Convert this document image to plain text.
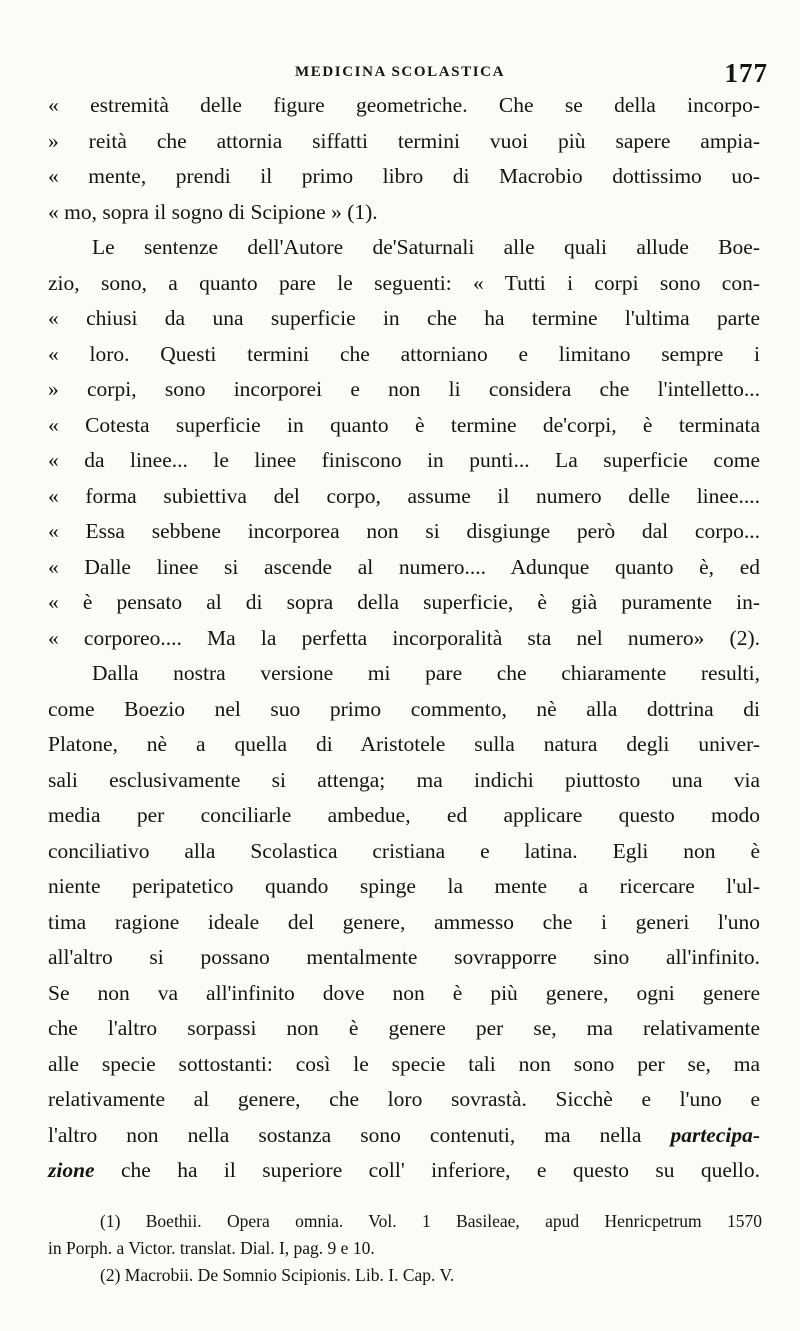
MEDICINA SCOLASTICA	177
« estremità delle figure geometriche. Che se della incorpo-
» reità che attornia siffatti termini vuoi più sapere ampia-
« mente, prendi il primo libro di Macrobio dottissimo uo-
« mo, sopra il sogno di Scipione » (1).
Le sentenze dell'Autore de'Saturnali alle quali allude Boe-
zio, sono, a quanto pare le seguenti: « Tutti i corpi sono con-
« chiusi da una superficie in che ha termine l'ultima parte
« loro. Questi termini che attorniano e limitano sempre i
» corpi, sono incorporei e non li considera che l'intelletto...
« Cotesta superficie in quanto è termine de'corpi, è terminata
« da linee... le linee finiscono in punti... La superficie come
« forma subiettiva del corpo, assume il numero delle linee....
« Essa sebbene incorporea non si disgiunge però dal corpo...
« Dalle linee si ascende al numero.... Adunque quanto è, ed
« è pensato al di sopra della superficie, è già puramente in-
« corporeo.... Ma la perfetta incorporalità sta nel numero» (2).
Dalla nostra versione mi pare che chiaramente resulti,
come Boezio nel suo primo commento, nè alla dottrina di
Platone, nè a quella di Aristotele sulla natura degli univer-
sali esclusivamente si attenga; ma indichi piuttosto una via
media per conciliarle ambedue, ed applicare questo modo
conciliativo alla Scolastica cristiana e latina. Egli non è
niente peripatetico quando spinge la mente a ricercare l'ul-
tima ragione ideale del genere, ammesso che i generi l'uno
all'altro si possano mentalmente sovrapporre sino all'infinito.
Se non va all'infinito dove non è più genere, ogni genere
che l'altro sorpassi non è genere per se, ma relativamente
alle specie sottostanti: così le specie tali non sono per se, ma
relativamente al genere, che loro sovrastà. Sicchè e l'uno e
l'altro non nella sostanza sono contenuti, ma nella partecipa-
zione che ha il superiore coll' inferiore, e questo su quello.
(1) Boethii. Opera omnia. Vol. 1 Basileae, apud Henricpetrum 1570
in Porph. a Victor. translat. Dial. I, pag. 9 e 10.
(2) Macrobii. De Somnio Scipionis. Lib. I. Cap. V.
